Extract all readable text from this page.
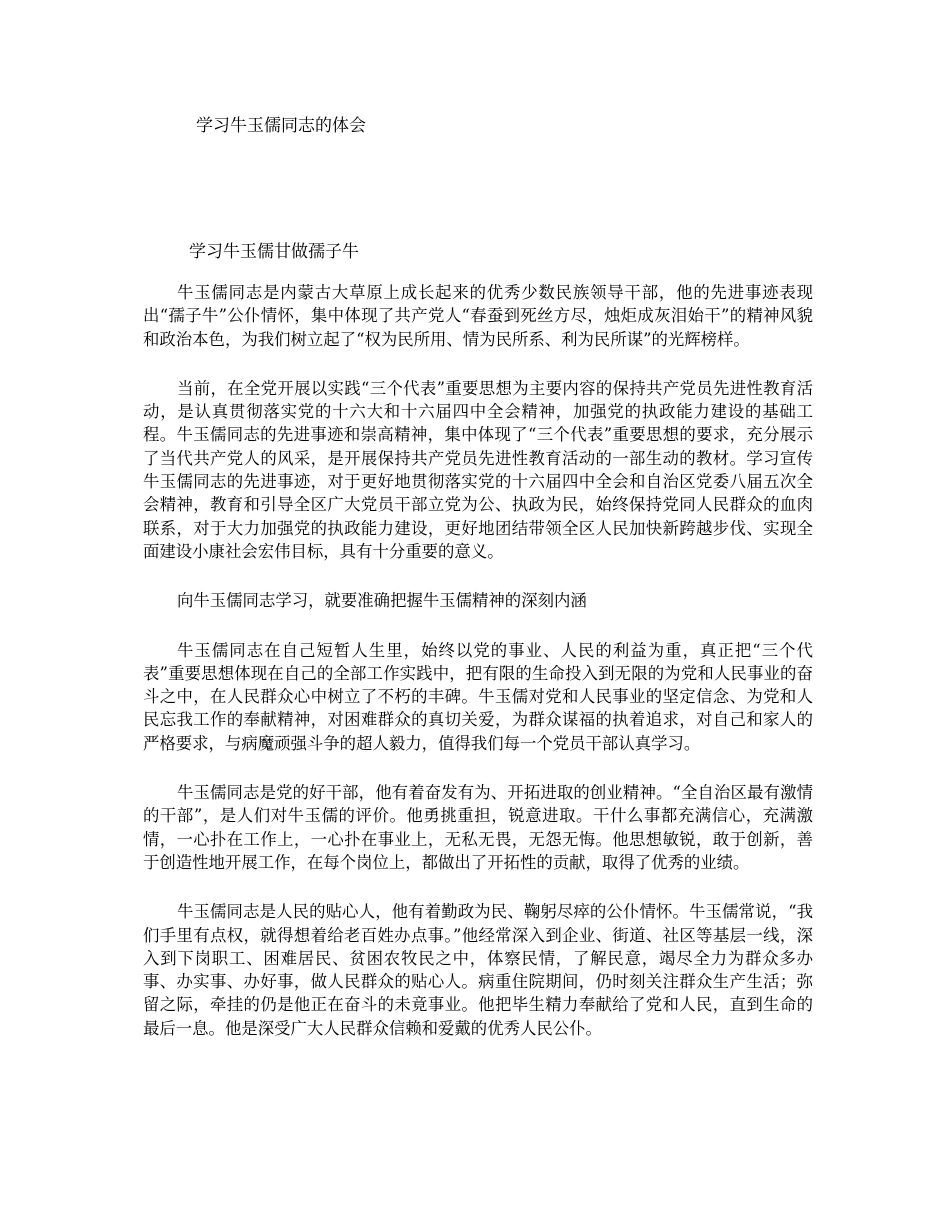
学习牛玉儒同志的体会
学习牛玉儒甘做孺子牛

牛玉儒同志是内蒙古大草原上成长起来的优秀少数民族领导干部，他的先进事迹表现出“孺子牛”公仆情怀，集中体现了共产党人“春蚕到死丝方尽，烛炬成灰泪始干”的精神风貌和政治本色，为我们树立起了“权为民所用、情为民所系、利为民所谋”的光辉榜样。

当前，在全党开展以实践“三个代表”重要思想为主要内容的保持共产党员先进性教育活动，是认真贯彻落实党的十六大和十六届四中全会精神，加强党的执政能力建设的基础工程。牛玉儒同志的先进事迹和崇高精神，集中体现了“三个代表”重要思想的要求，充分展示了当代共产党人的风采，是开展保持共产党员先进性教育活动的一部生动的教材。学习宣传牛玉儒同志的先进事迹，对于更好地贯彻落实党的十六届四中全会和自治区党委八届五次全会精神，教育和引导全区广大党员干部立党为公、执政为民，始终保持党同人民群众的血肉联系，对于大力加强党的执政能力建设，更好地团结带领全区人民加快新跨越步伐、实现全面建设小康社会宏伟目标，具有十分重要的意义。

向牛玉儒同志学习，就要准确把握牛玉儒精神的深刻内涵

牛玉儒同志在自己短暂人生里，始终以党的事业、人民的利益为重，真正把“三个代表”重要思想体现在自己的全部工作实践中，把有限的生命投入到无限的为党和人民事业的奋斗之中，在人民群众心中树立了不朽的丰碑。牛玉儒对党和人民事业的坚定信念、为党和人民忘我工作的奉献精神，对困难群众的真切关爱，为群众谋福的执着追求，对自己和家人的严格要求，与病魔顽强斗争的超人毅力，值得我们每一个党员干部认真学习。

牛玉儒同志是党的好干部，他有着奋发有为、开拓进取的创业精神。“全自治区最有激情的干部”，是人们对牛玉儒的评价。他勇挑重担，锐意进取。干什么事都充满信心，充满激情，一心扑在工作上，一心扑在事业上，无私无畏，无怨无悔。他思想敏锐，敢于创新，善于创造性地开展工作，在每个岗位上，都做出了开拓性的贡献，取得了优秀的业绩。

牛玉儒同志是人民的贴心人，他有着勤政为民、鞠躬尽瘁的公仆情怀。牛玉儒常说，“我们手里有点权，就得想着给老百姓办点事。”他经常深入到企业、街道、社区等基层一线，深入到下岗职工、困难居民、贫困农牧民之中，体察民情，了解民意，竭尽全力为群众多办事、办实事、办好事，做人民群众的贴心人。病重住院期间，仍时刻关注群众生产生活；弥留之际，牵挂的仍是他正在奋斗的未竟事业。他把毕生精力奉献给了党和人民，直到生命的最后一息。他是深受广大人民群众信赖和爱戴的优秀人民公仆。
